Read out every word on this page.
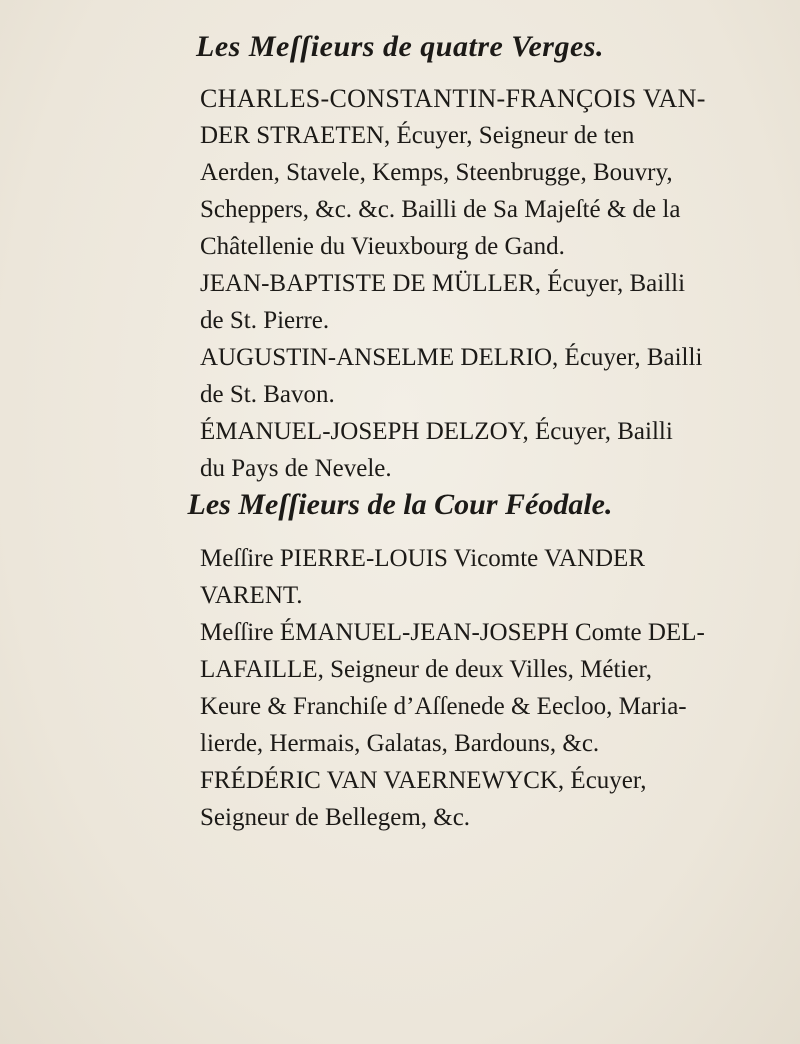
Les Meſſieurs de quatre Verges.

CHARLES-CONSTANTIN-FRANÇOIS VAN-
DER STRAETEN, Écuyer, Seigneur de ten
Aerden, Stavele, Kemps, Steenbrugge, Bouvry,
Scheppers, &c. &c. Bailli de Sa Majeſté & de la
Châtellenie du Vieuxbourg de Gand.

JEAN-BAPTISTE DE MÜLLER, Écuyer, Bailli
de St. Pierre.

AUGUSTIN-ANSELME DELRIO, Écuyer, Bailli
de St. Bavon.

ÉMANUEL-JOSEPH DELZOY, Écuyer, Bailli
du Pays de Nevele.

Les Meſſieurs de la Cour Féodale.

Meſſire PIERRE-LOUIS Vicomte VANDER
VARENT.

Meſſire ÉMANUEL-JEAN-JOSEPH Comte DEL-
LAFAILLE, Seigneur de deux Villes, Métier,
Keure & Franchiſe d’Aſſenede & Eecloo, Maria-
lierde, Hermais, Galatas, Bardouns, &c.

FRÉDÉRIC VAN VAERNEWYCK, Écuyer,
Seigneur de Bellegem, &c.
